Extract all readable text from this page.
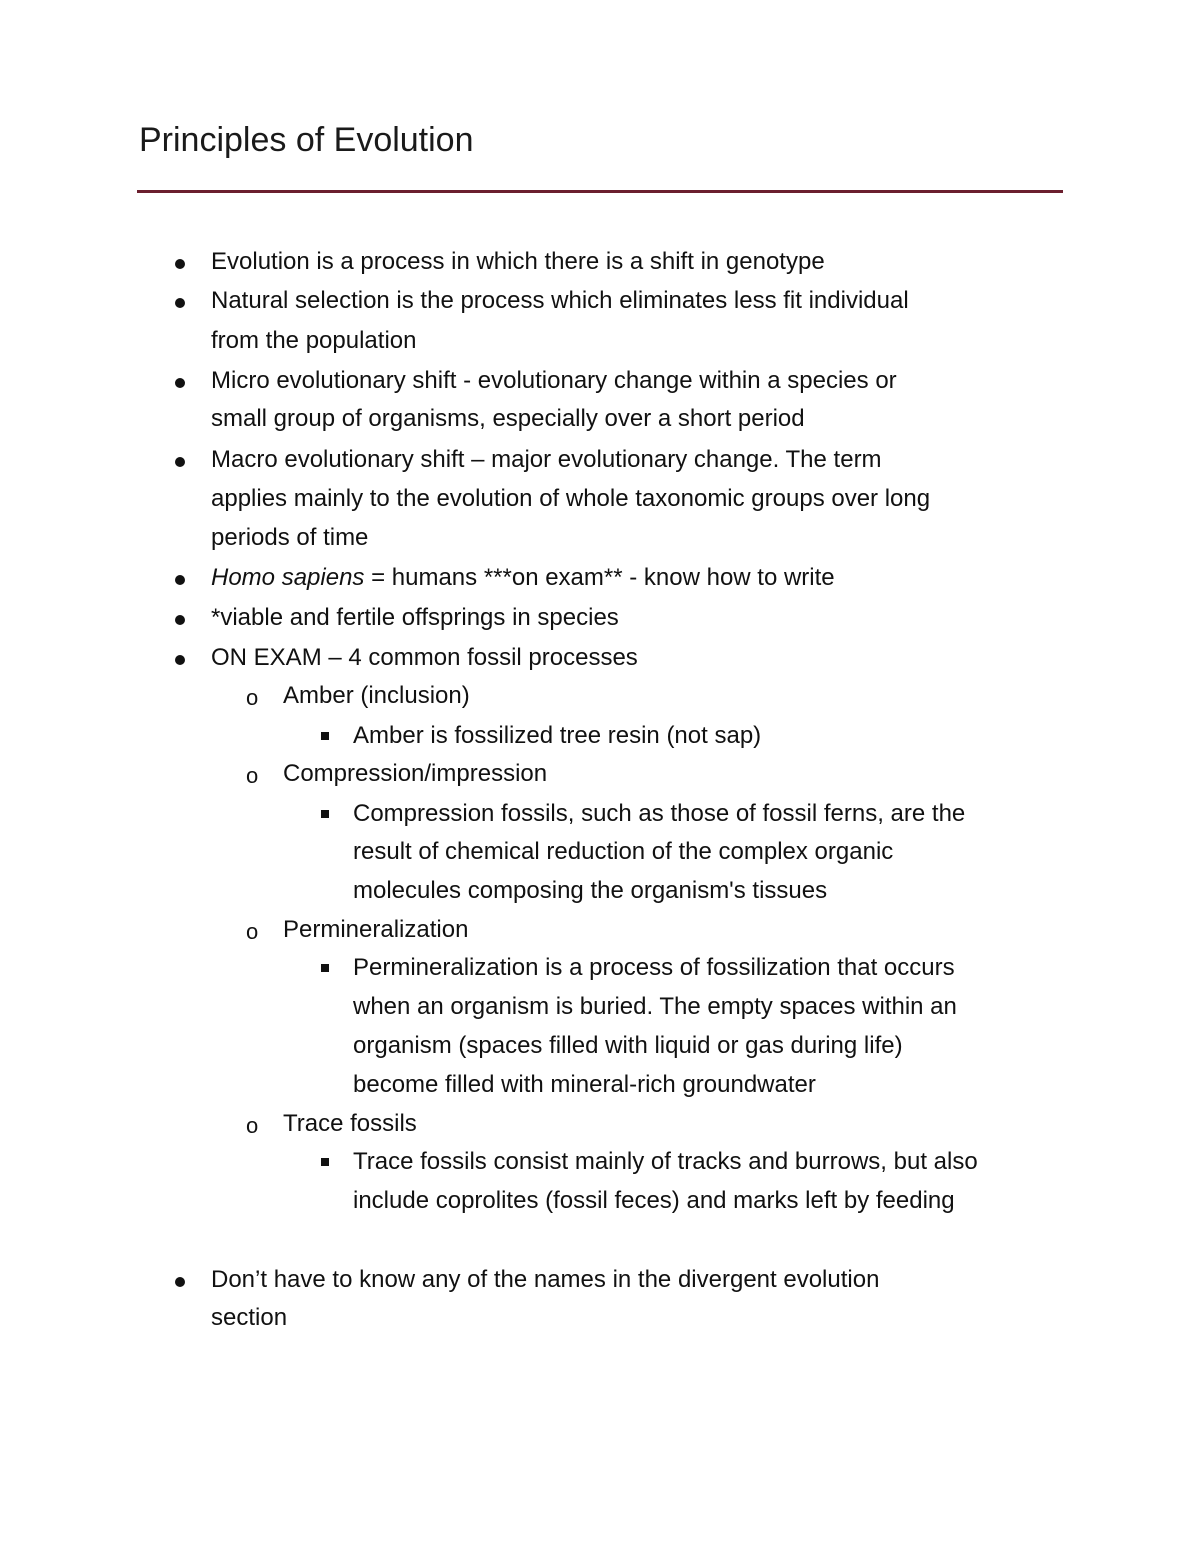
Principles of Evolution
Evolution is a process in which there is a shift in genotype
Natural selection is the process which eliminates less fit individual
from the population
Micro evolutionary shift - evolutionary change within a species or
small group of organisms, especially over a short period
Macro evolutionary shift – major evolutionary change. The term
applies mainly to the evolution of whole taxonomic groups over long
periods of time
Homo sapiens = humans ***on exam** - know how to write
*viable and fertile offsprings in species
ON EXAM – 4 common fossil processes
o Amber (inclusion)
Amber is fossilized tree resin (not sap)
o Compression/impression
Compression fossils, such as those of fossil ferns, are the
result of chemical reduction of the complex organic
molecules composing the organism's tissues
o Permineralization
Permineralization is a process of fossilization that occurs
when an organism is buried. The empty spaces within an
organism (spaces filled with liquid or gas during life)
become filled with mineral-rich groundwater
o Trace fossils
Trace fossils consist mainly of tracks and burrows, but also
include coprolites (fossil feces) and marks left by feeding
Don’t have to know any of the names in the divergent evolution
section
